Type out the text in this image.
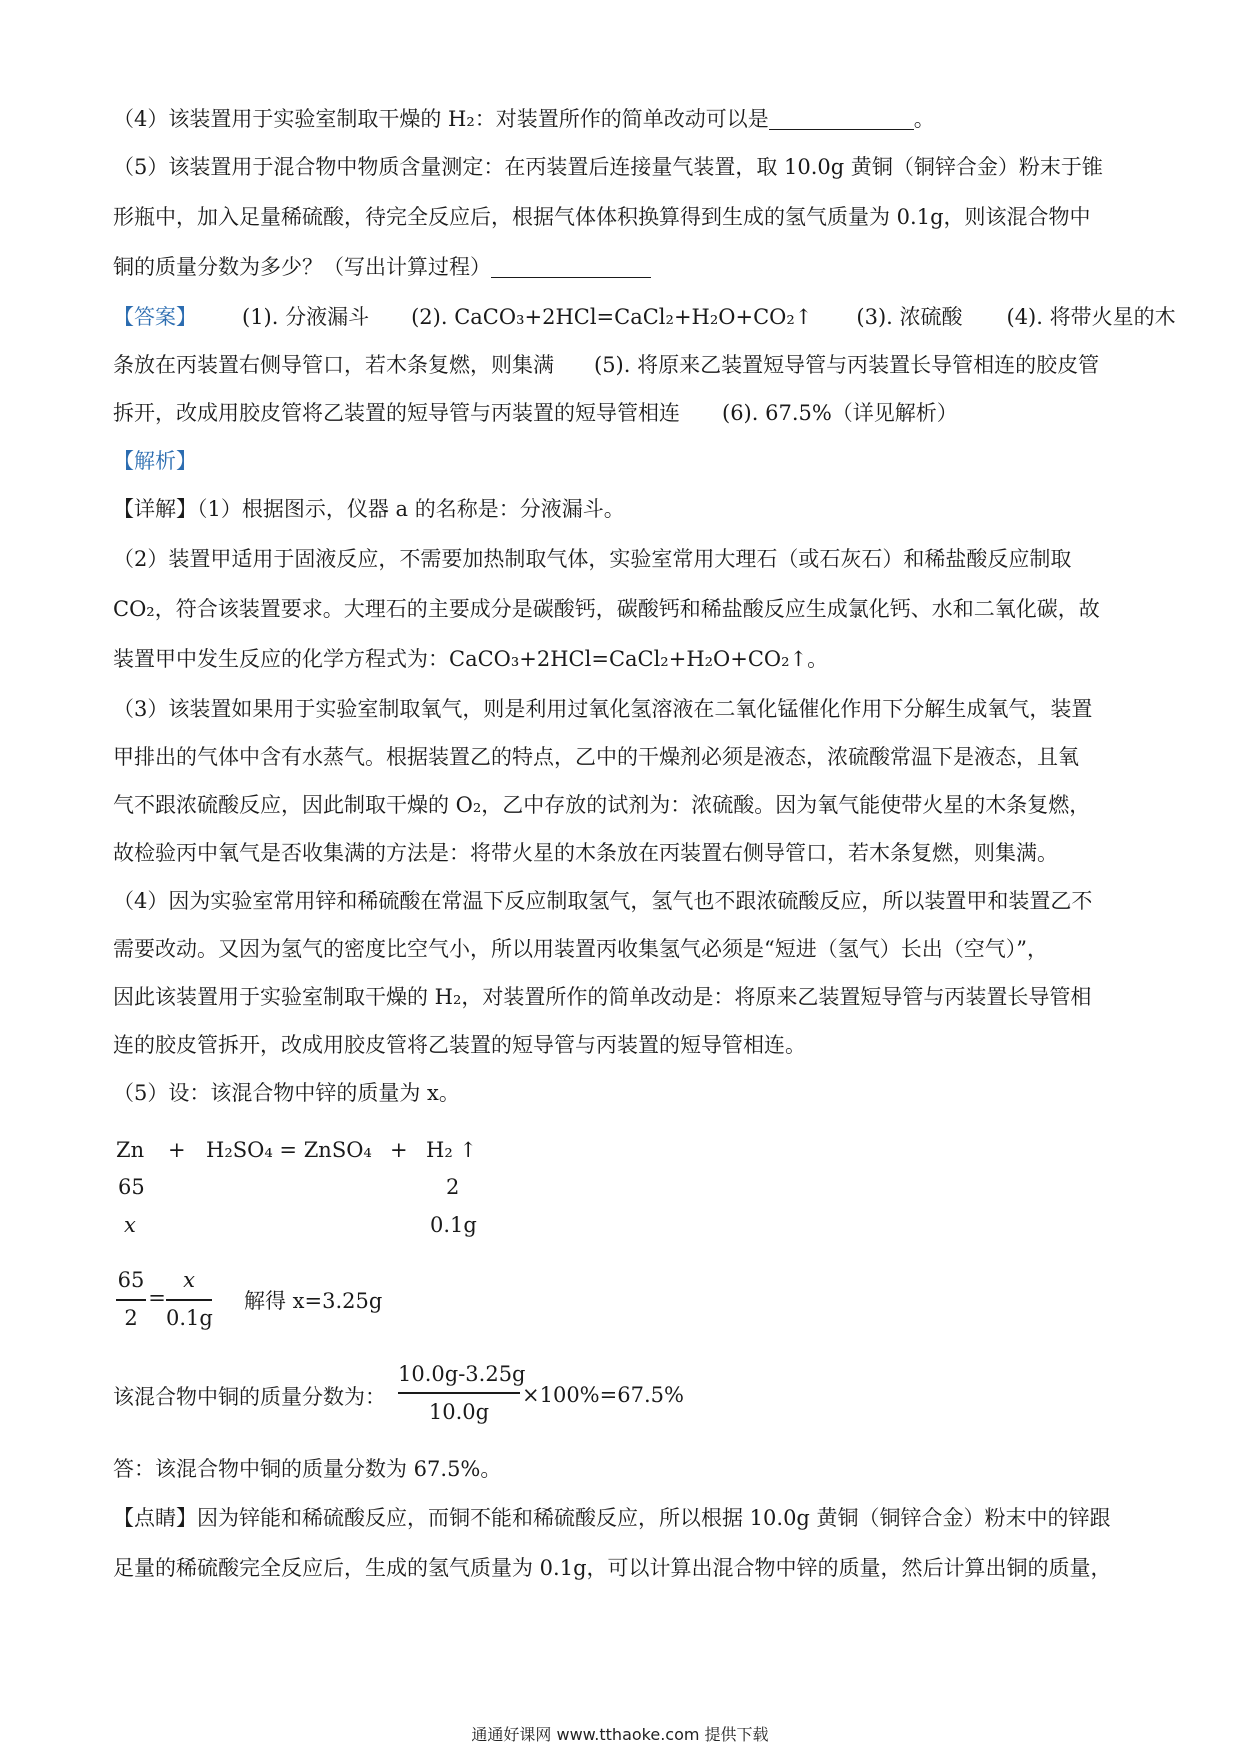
（4）该装置用于实验室制取干燥的 H₂：对装置所作的简单改动可以是	。
（5）该装置用于混合物中物质含量测定：在丙装置后连接量气装置，取 10.0g 黄铜（铜锌合金）粉末于锥
形瓶中，加入足量稀硫酸，待完全反应后，根据气体体积换算得到生成的氢气质量为 0.1g，则该混合物中
铜的质量分数为多少？（写出计算过程）
【答案】 (1). 分液漏斗 (2). CaCO₃+2HCl=CaCl₂+H₂O+CO₂↑ (3). 浓硫酸 (4). 将带火星的木
条放在丙装置右侧导管口，若木条复燃，则集满 (5). 将原来乙装置短导管与丙装置长导管相连的胶皮管
拆开，改成用胶皮管将乙装置的短导管与丙装置的短导管相连 (6). 67.5%（详见解析）
【解析】
【详解】（1）根据图示，仪器 a 的名称是：分液漏斗。
（2）装置甲适用于固液反应，不需要加热制取气体，实验室常用大理石（或石灰石）和稀盐酸反应制取
CO₂，符合该装置要求。大理石的主要成分是碳酸钙，碳酸钙和稀盐酸反应生成氯化钙、水和二氧化碳，故
装置甲中发生反应的化学方程式为：CaCO₃+2HCl=CaCl₂+H₂O+CO₂↑。
（3）该装置如果用于实验室制取氧气，则是利用过氧化氢溶液在二氧化锰催化作用下分解生成氧气，装置
甲排出的气体中含有水蒸气。根据装置乙的特点，乙中的干燥剂必须是液态，浓硫酸常温下是液态，且氧
气不跟浓硫酸反应，因此制取干燥的 O₂，乙中存放的试剂为：浓硫酸。因为氧气能使带火星的木条复燃，
故检验丙中氧气是否收集满的方法是：将带火星的木条放在丙装置右侧导管口，若木条复燃，则集满。
（4）因为实验室常用锌和稀硫酸在常温下反应制取氢气，氢气也不跟浓硫酸反应，所以装置甲和装置乙不
需要改动。又因为氢气的密度比空气小，所以用装置丙收集氢气必须是“短进（氢气）长出（空气）”，
因此该装置用于实验室制取干燥的 H₂，对装置所作的简单改动是：将原来乙装置短导管与丙装置长导管相
连的胶皮管拆开，改成用胶皮管将乙装置的短导管与丙装置的短导管相连。
（5）设：该混合物中锌的质量为 x。
Zn + H₂SO₄ = ZnSO₄ + H₂ ↑
65	2
x	0.1g
65
2
=
x
0.1g
解得 x=3.25g
该混合物中铜的质量分数为：
10.0g-3.25g
10.0g
×100%=67.5%
答：该混合物中铜的质量分数为 67.5%。
【点睛】因为锌能和稀硫酸反应，而铜不能和稀硫酸反应，所以根据 10.0g 黄铜（铜锌合金）粉末中的锌跟
足量的稀硫酸完全反应后，生成的氢气质量为 0.1g，可以计算出混合物中锌的质量，然后计算出铜的质量，
通通好课网 www.tthaoke.com 提供下载
